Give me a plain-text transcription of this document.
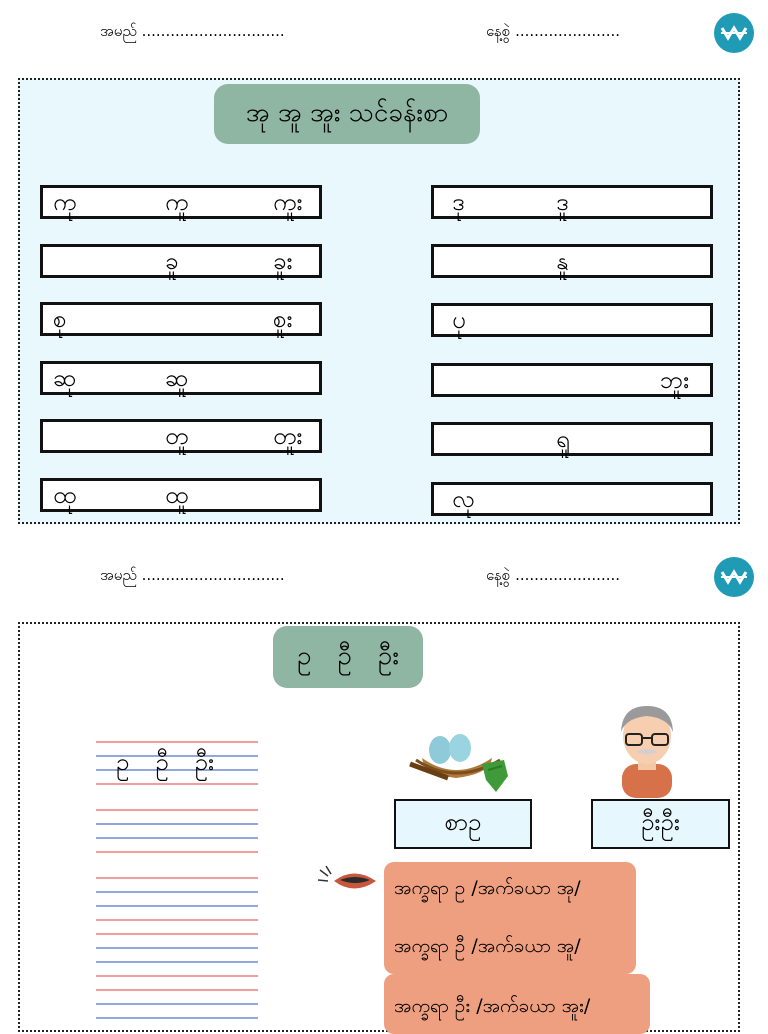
အမည် ..............................	နေ့စွဲ ......................
အု အူ အူး သင်ခန်းစာ
ကု	ကူ	ကူး
ခူ	ခူး
စု	စူး
ဆု	ဆူ
တူ	တူး
ထု	ထူ
ဒု	ဒူ
နူ
ပု
ဘူး
ရူ
လု
အမည် ..............................	နေ့စွဲ ......................
ဥ ဦ ဦး
ဥ ဦ ဦး
စာဥ	ဦးဦး
အက္ခရာ ဥ /အက်ခယာ အု/
အက္ခရာ ဦ /အက်ခယာ အူ/
အက္ခရာ ဦး /အက်ခယာ အူး/
